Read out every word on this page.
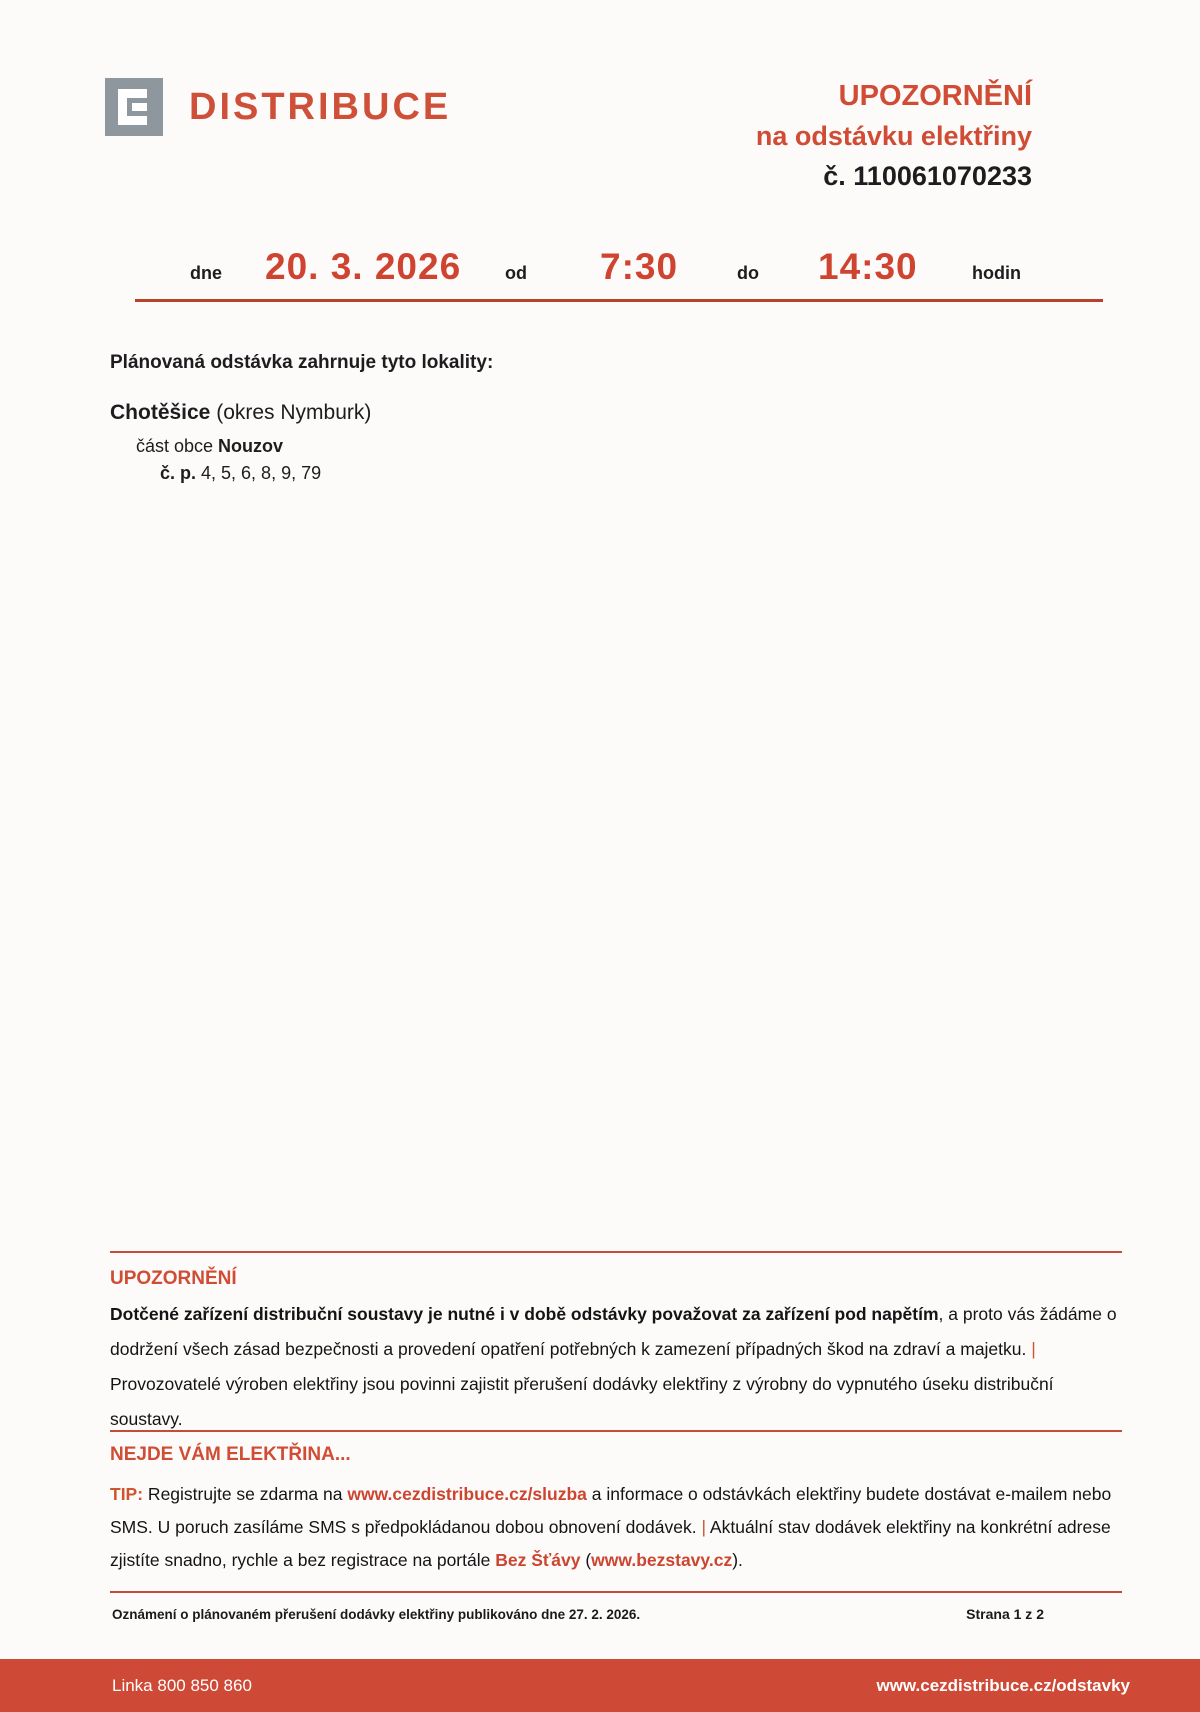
DISTRIBUCE	UPOZORNĚNÍ
na odstávku elektřiny
č. 110061070233
dne 20. 3. 2026 od 7:30	do 14:30	hodin
Plánovaná odstávka zahrnuje tyto lokality:
Chotěšice (okres Nymburk)
část obce Nouzov
č. p. 4, 5, 6, 8, 9, 79
UPOZORNĚNÍ

Dotčené zařízení distribuční soustavy je nutné i v době odstávky považovat za zařízení pod napětím, a proto vás žádáme o dodržení všech zásad bezpečnosti a provedení opatření potřebných k zamezení případných škod na zdraví a majetku. | Provozovatelé výroben elektřiny jsou povinni zajistit přerušení dodávky elektřiny z výrobny do vypnutého úseku distribuční soustavy.

NEJDE VÁM ELEKTŘINA...

TIP: Registrujte se zdarma na www.cezdistribuce.cz/sluzba a informace o odstávkách elektřiny budete dostávat e-mailem nebo SMS. U poruch zasíláme SMS s předpokládanou dobou obnovení dodávek. | Aktuální stav dodávek elektřiny na konkrétní adrese zjistíte snadno, rychle a bez registrace na portále Bez Šťávy (www.bezstavy.cz).

Oznámení o plánovaném přerušení dodávky elektřiny publikováno dne 27. 2. 2026.	Strana 1 z 2
Linka 800 850 860	www.cezdistribuce.cz/odstavky
